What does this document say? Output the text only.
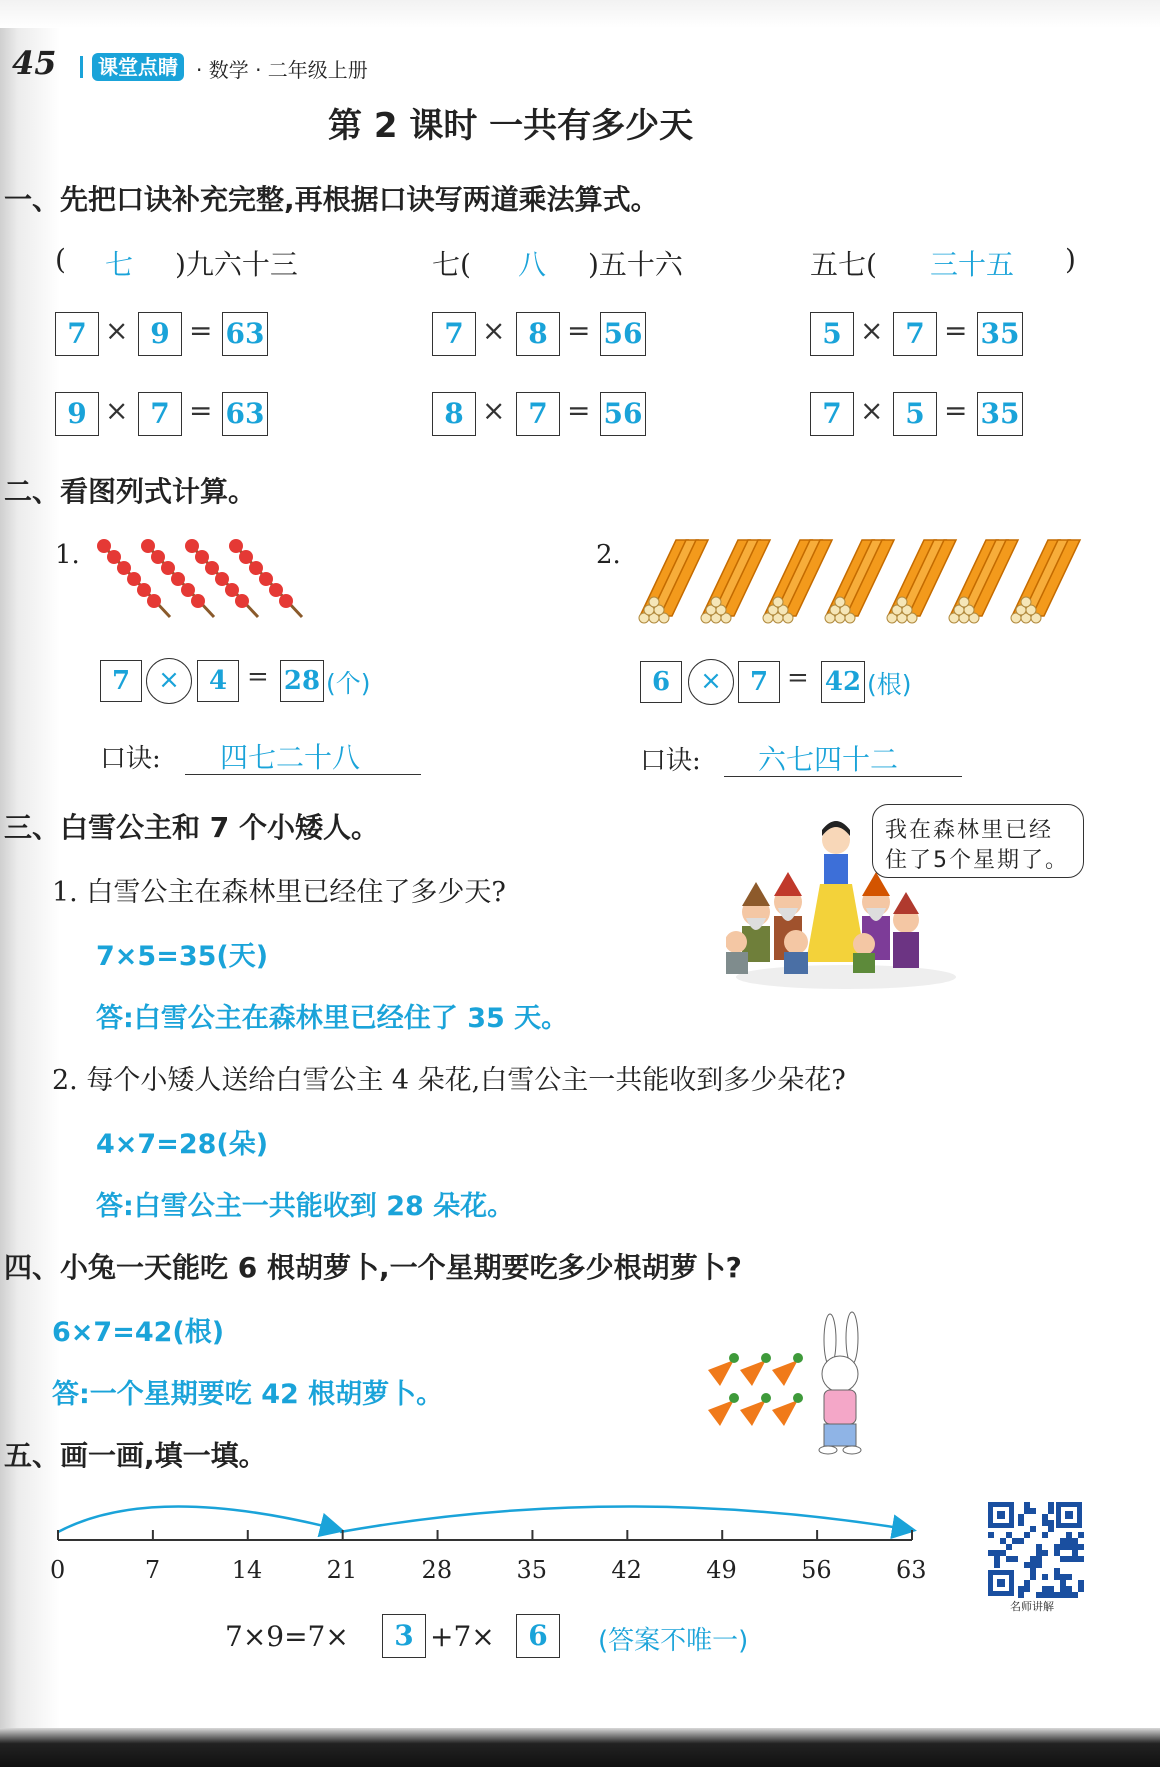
45	课堂点睛 · 数学 · 二年级上册
第 2 课时 一共有多少天
一、先把口诀补充完整,再根据口诀写两道乘法算式。
( 七 )九六十三	七( 八 )五十六	五七( 三十五 )
7 × 9 = 63	7 × 8 = 56	5 × 7 = 35
9 × 7 = 63	8 × 7 = 56	7 × 5 = 35
二、看图列式计算。
1.
7	×	4 = 28 (个)
口诀: 四七二十八
2.
6	×	7 = 42 (根)
口诀: 六七四十二
三、白雪公主和 7 个小矮人。	我在森林里已经
住了5个星期了。
1. 白雪公主在森林里已经住了多少天?
7×5=35(天)
答:白雪公主在森林里已经住了 35 天。
2. 每个小矮人送给白雪公主 4 朵花,白雪公主一共能收到多少朵花?
4×7=28(朵)
答:白雪公主一共能收到 28 朵花。
四、小兔一天能吃 6 根胡萝卜,一个星期要吃多少根胡萝卜?
6×7=42(根)
答:一个星期要吃 42 根胡萝卜。
五、画一画,填一填。
0	7	14	21	28	35	42	49	56	63
7×9=7×	3 +7×	6	(答案不唯一)
名师讲解
